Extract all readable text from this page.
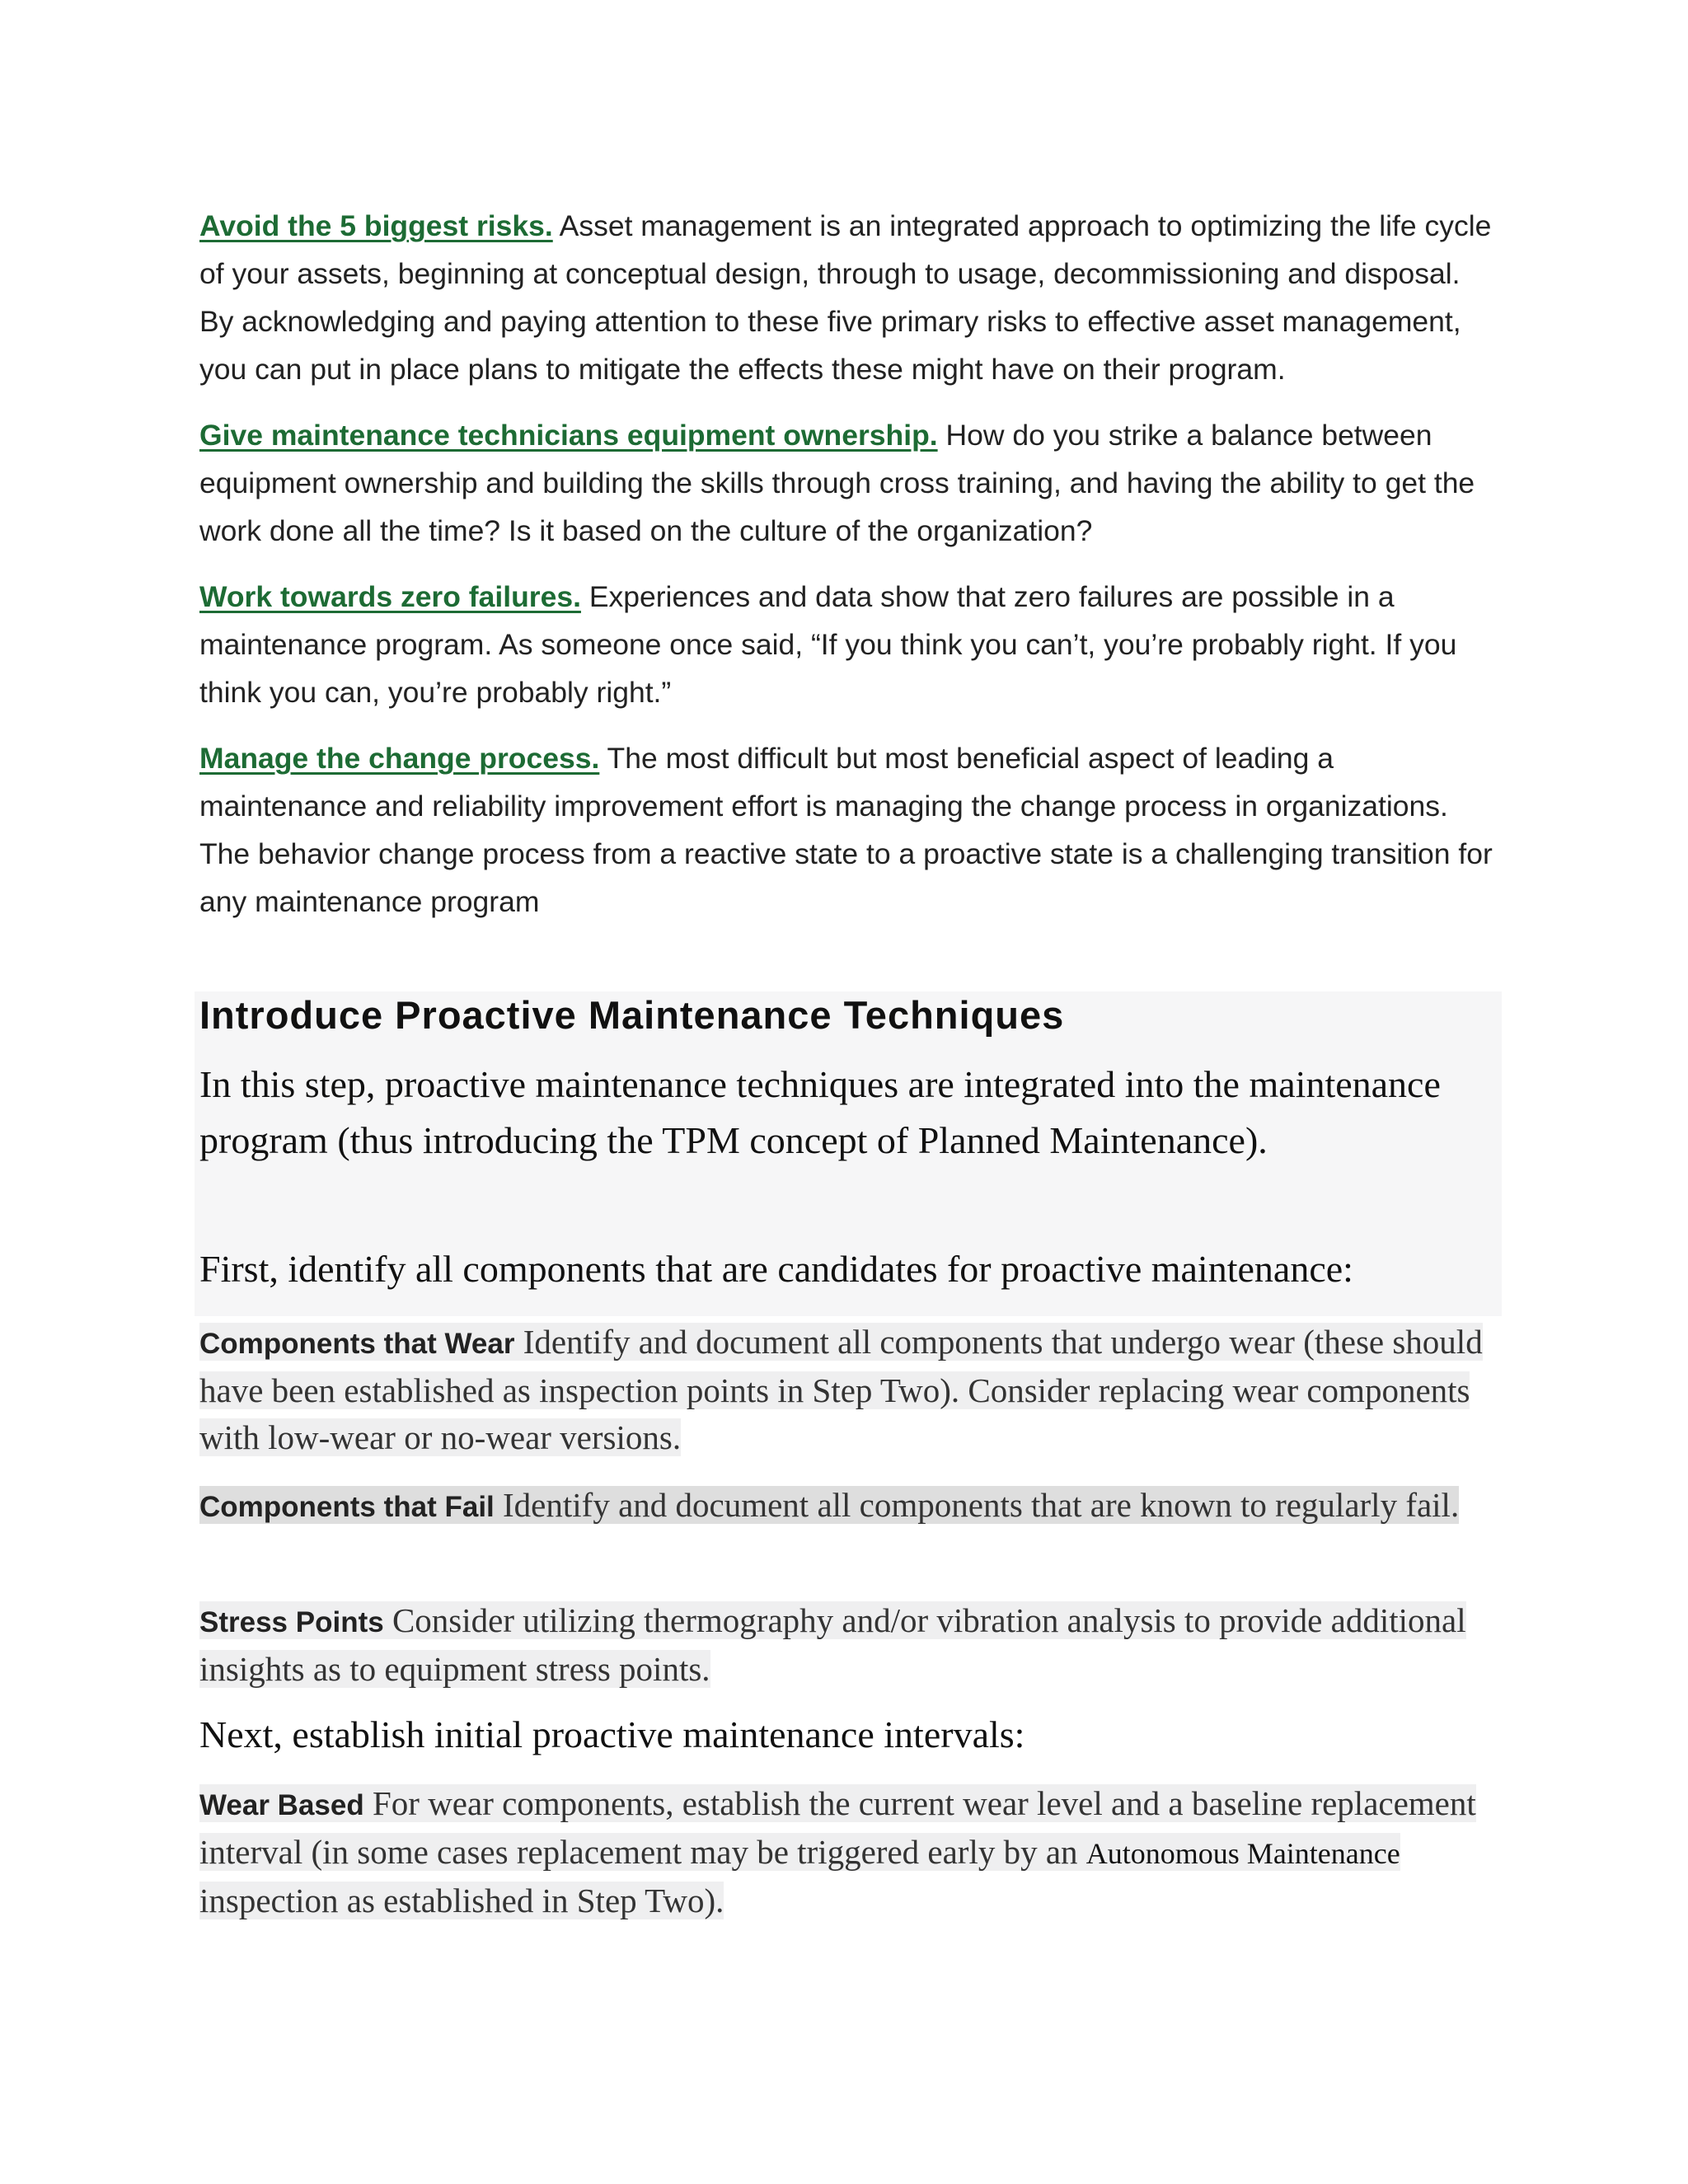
Avoid the 5 biggest risks. Asset management is an integrated approach to optimizing the life cycle of your assets, beginning at conceptual design, through to usage, decommissioning and disposal. By acknowledging and paying attention to these five primary risks to effective asset management, you can put in place plans to mitigate the effects these might have on their program.

Give maintenance technicians equipment ownership. How do you strike a balance between equipment ownership and building the skills through cross training, and having the ability to get the work done all the time? Is it based on the culture of the organization?

Work towards zero failures. Experiences and data show that zero failures are possible in a maintenance program. As someone once said, “If you think you can’t, you’re probably right. If you think you can, you’re probably right.”

Manage the change process. The most difficult but most beneficial aspect of leading a maintenance and reliability improvement effort is managing the change process in organizations. The behavior change process from a reactive state to a proactive state is a challenging transition for any maintenance program

Introduce Proactive Maintenance Techniques

In this step, proactive maintenance techniques are integrated into the maintenance program (thus introducing the TPM concept of Planned Maintenance).

First, identify all components that are candidates for proactive maintenance:

Components that Wear Identify and document all components that undergo wear (these should have been established as inspection points in Step Two). Consider replacing wear components with low-wear or no-wear versions.

Components that Fail Identify and document all components that are known to regularly fail.

Stress Points Consider utilizing thermography and/or vibration analysis to provide additional insights as to equipment stress points.

Next, establish initial proactive maintenance intervals:

Wear Based For wear components, establish the current wear level and a baseline replacement interval (in some cases replacement may be triggered early by an Autonomous Maintenance inspection as established in Step Two).
